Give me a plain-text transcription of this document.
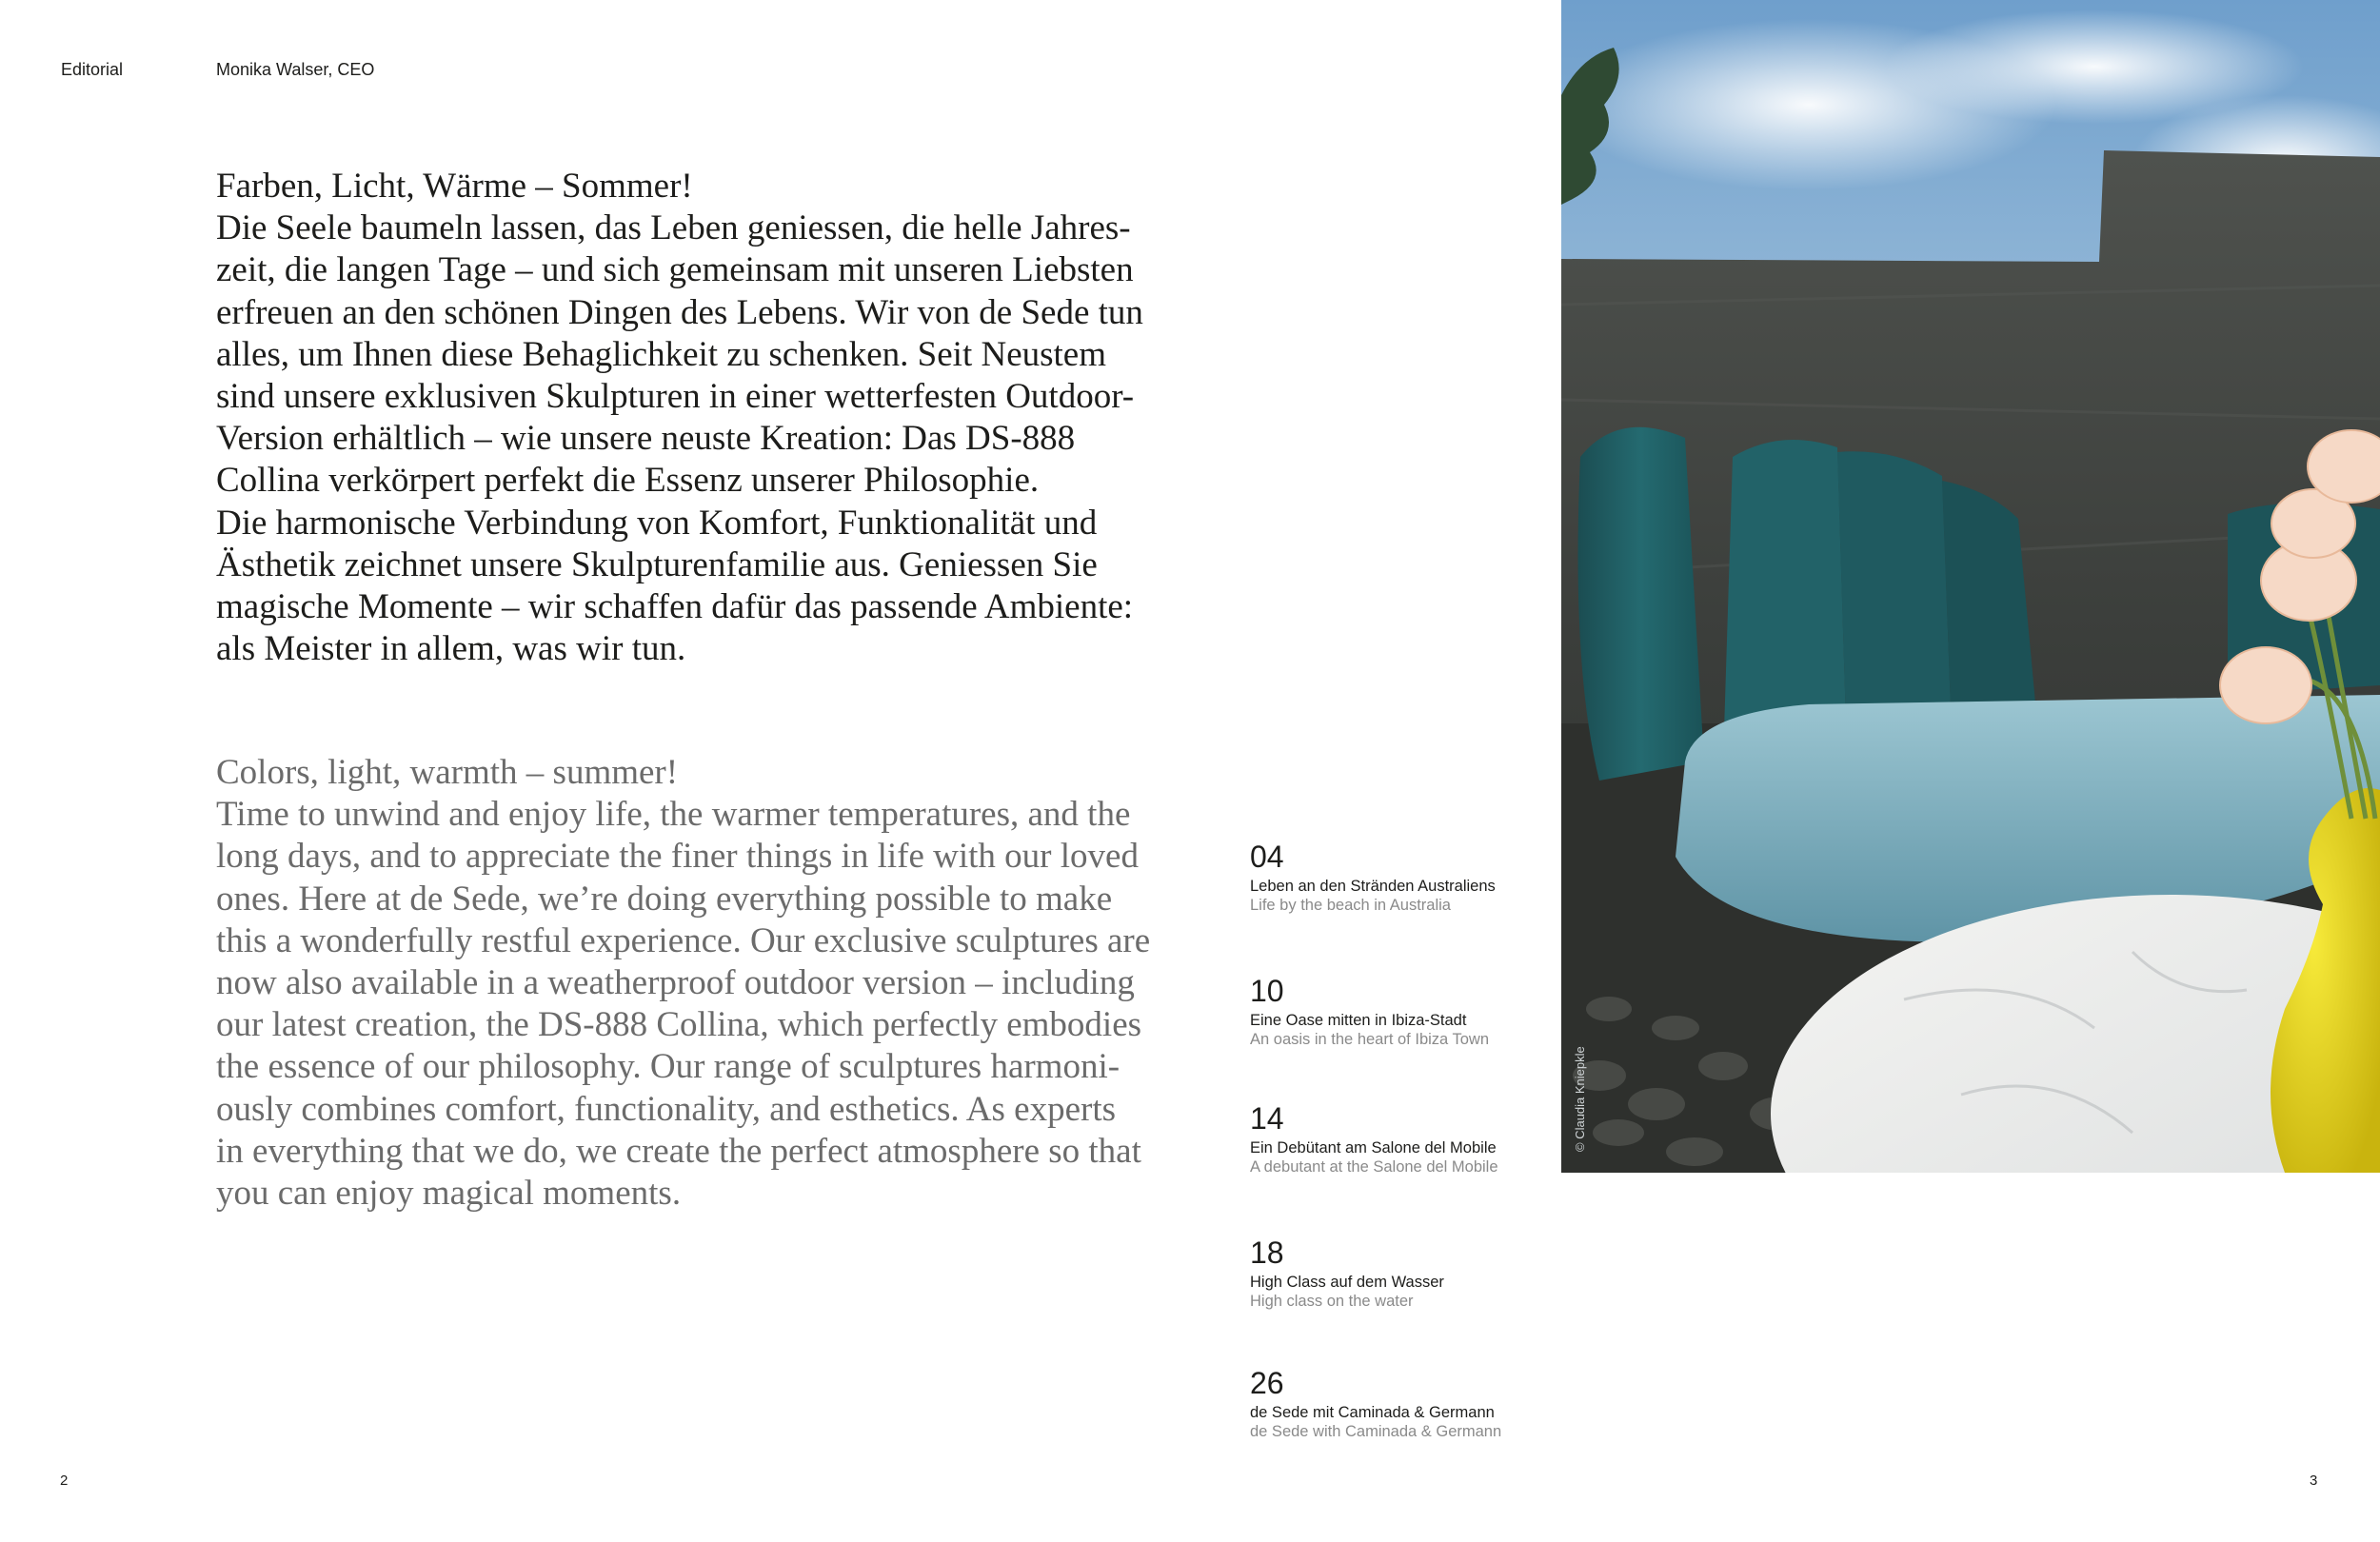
Editorial	Monika Walser, CEO

Farben, Licht, Wärme – Sommer!

Die Seele baumeln lassen, das Leben geniessen, die helle Jahres-

zeit, die langen Tage – und sich gemeinsam mit unseren Liebsten

erfreuen an den schönen Dingen des Lebens. Wir von de Sede tun

alles, um Ihnen diese Behaglichkeit zu schenken. Seit Neustem

sind unsere exklusiven Skulpturen in einer wetterfesten Outdoor-

Version erhältlich – wie unsere neuste Kreation: Das DS-888

Collina verkörpert perfekt die Essenz unserer Philosophie.

Die harmonische Verbindung von Komfort, Funktionalität und

Ästhetik zeichnet unsere Skulpturenfamilie aus. Geniessen Sie

magische Momente – wir schaffen dafür das passende Ambiente:

als Meister in allem, was wir tun.

Colors, light, warmth – summer!

Time to unwind and enjoy life, the warmer temperatures, and the

long days, and to appreciate the finer things in life with our loved

ones. Here at de Sede, we’re doing everything possible to make

this a wonderfully restful experience. Our exclusive sculptures are

now also available in a weatherproof outdoor version – including

our latest creation, the DS-888 Collina, which perfectly embodies

the essence of our philosophy. Our range of sculptures harmoni-

ously combines comfort, functionality, and esthetics. As experts

in everything that we do, we create the perfect atmosphere so that

you can enjoy magical moments.

04
Leben an den Stränden Australiens
Life by the beach in Australia
10
Eine Oase mitten in Ibiza-Stadt
An oasis in the heart of Ibiza Town
14
Ein Debütant am Salone del Mobile
A debutant at the Salone del Mobile
18
High Class auf dem Wasser
High class on the water
26
de Sede mit Caminada & Germann
de Sede with Caminada & Germann
© Claudia Kniepkle
2	3
